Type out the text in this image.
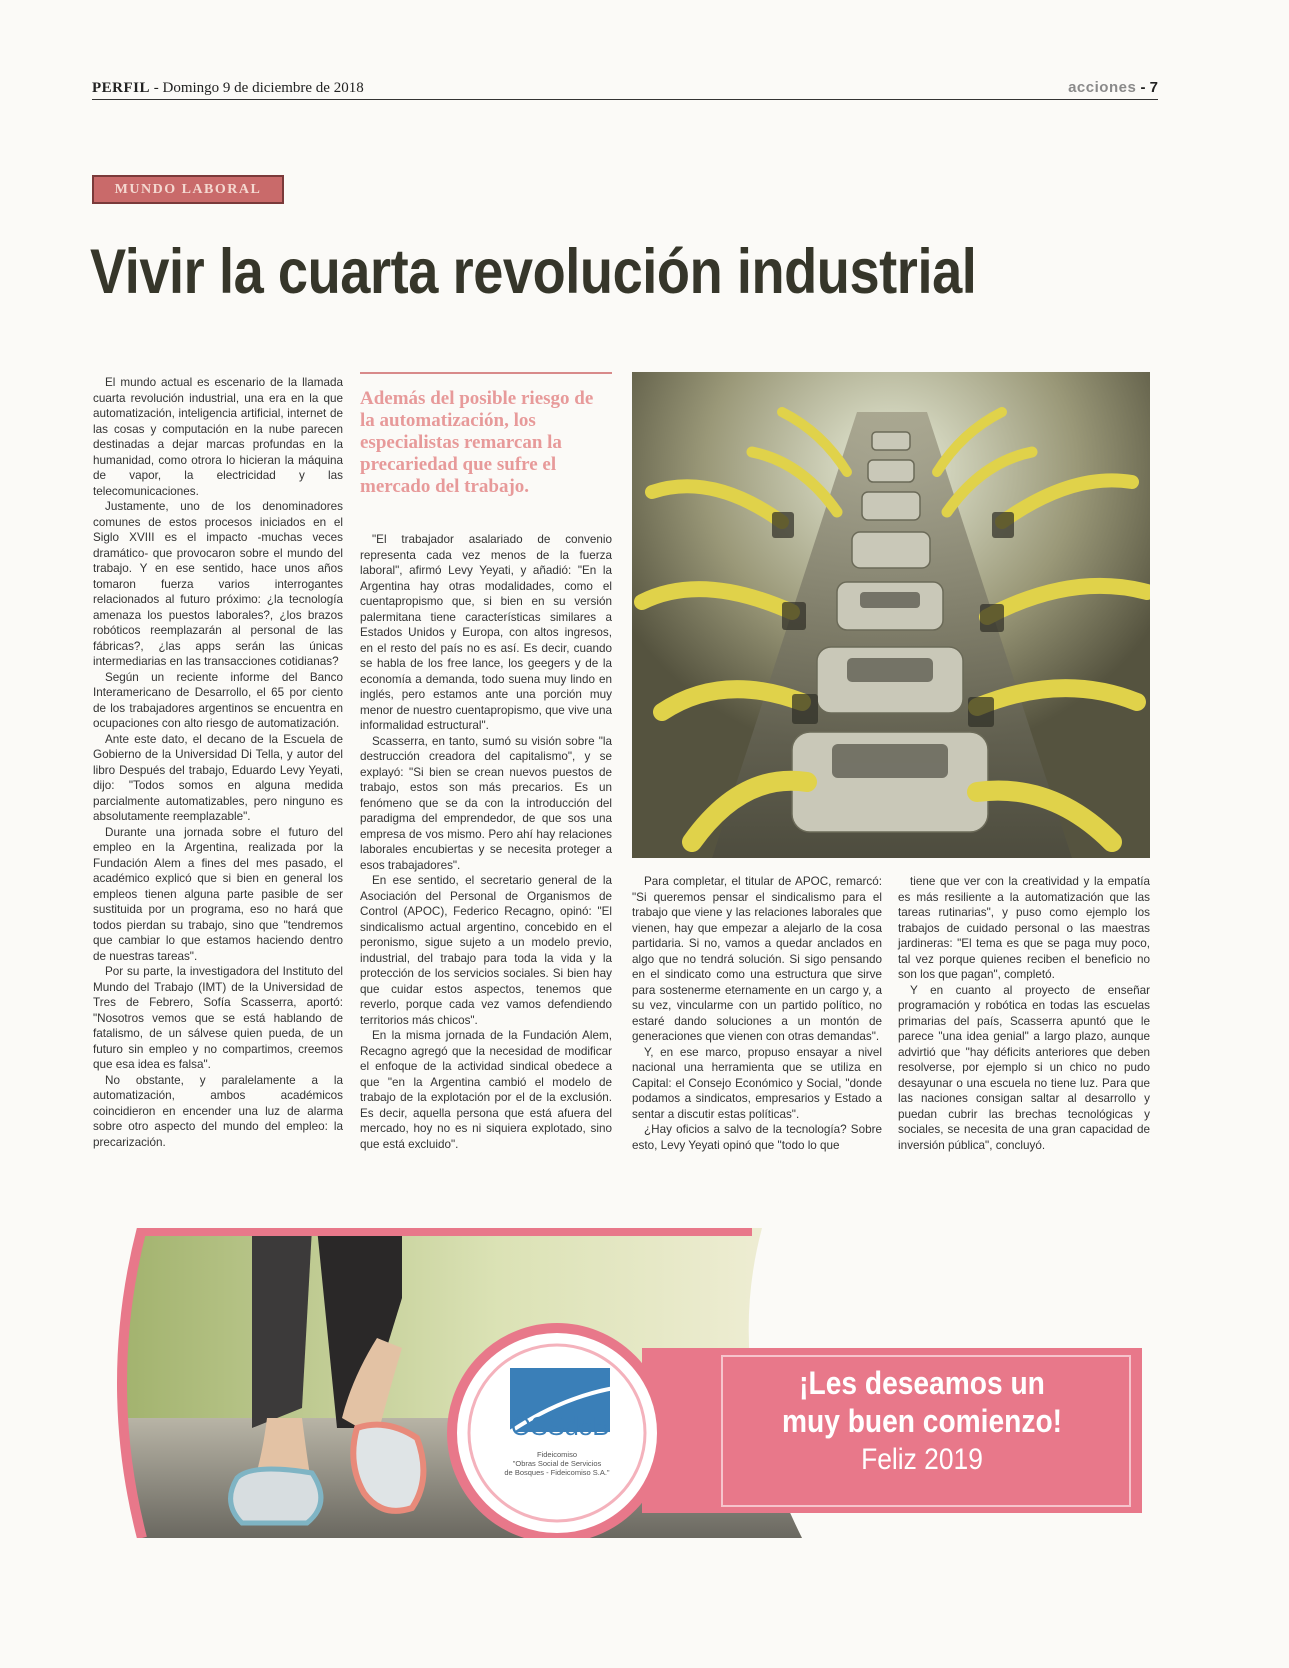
PERFIL - Domingo 9 de diciembre de 2018	acciones - 7
MUNDO LABORAL
Vivir la cuarta revolución industrial

El mundo actual es escenario de la llamada cuarta revolución industrial, una era en la que automatización, inteligencia artificial, internet de las cosas y computación en la nube parecen destinadas a dejar marcas profundas en la humanidad, como otrora lo hicieran la máquina de vapor, la electricidad y las telecomunicaciones.

Justamente, uno de los denominadores comunes de estos procesos iniciados en el Siglo XVIII es el impacto -muchas veces dramático- que provocaron sobre el mundo del trabajo. Y en ese sentido, hace unos años tomaron fuerza varios interrogantes relacionados al futuro próximo: ¿la tecnología amenaza los puestos laborales?, ¿los brazos robóticos reemplazarán al personal de las fábricas?, ¿las apps serán las únicas intermediarias en las transacciones cotidianas?

Según un reciente informe del Banco Interamericano de Desarrollo, el 65 por ciento de los trabajadores argentinos se encuentra en ocupaciones con alto riesgo de automatización.

Ante este dato, el decano de la Escuela de Gobierno de la Universidad Di Tella, y autor del libro Después del trabajo, Eduardo Levy Yeyati, dijo: "Todos somos en alguna medida parcialmente automatizables, pero ninguno es absolutamente reemplazable".

Durante una jornada sobre el futuro del empleo en la Argentina, realizada por la Fundación Alem a fines del mes pasado, el académico explicó que si bien en general los empleos tienen alguna parte pasible de ser sustituida por un programa, eso no hará que todos pierdan su trabajo, sino que "tendremos que cambiar lo que estamos haciendo dentro de nuestras tareas".

Por su parte, la investigadora del Instituto del Mundo del Trabajo (IMT) de la Universidad de Tres de Febrero, Sofía Scasserra, aportó: "Nosotros vemos que se está hablando de fatalismo, de un sálvese quien pueda, de un futuro sin empleo y no compartimos, creemos que esa idea es falsa".

No obstante, y paralelamente a la automatización, ambos académicos coincidieron en encender una luz de alarma sobre otro aspecto del mundo del empleo: la precarización.

Además del posible riesgo de la automatización, los especialistas remarcan la precariedad que sufre el mercado del trabajo.

"El trabajador asalariado de convenio representa cada vez menos de la fuerza laboral", afirmó Levy Yeyati, y añadió: "En la Argentina hay otras modalidades, como el cuentapropismo que, si bien en su versión palermitana tiene características similares a Estados Unidos y Europa, con altos ingresos, en el resto del país no es así. Es decir, cuando se habla de los free lance, los geegers y de la economía a demanda, todo suena muy lindo en inglés, pero estamos ante una porción muy menor de nuestro cuentapropismo, que vive una informalidad estructural".

Scasserra, en tanto, sumó su visión sobre "la destrucción creadora del capitalismo", y se explayó: "Si bien se crean nuevos puestos de trabajo, estos son más precarios. Es un fenómeno que se da con la introducción del paradigma del emprendedor, de que sos una empresa de vos mismo. Pero ahí hay relaciones laborales encubiertas y se necesita proteger a esos trabajadores".

En ese sentido, el secretario general de la Asociación del Personal de Organismos de Control (APOC), Federico Recagno, opinó: "El sindicalismo actual argentino, concebido en el peronismo, sigue sujeto a un modelo previo, industrial, del trabajo para toda la vida y la protección de los servicios sociales. Si bien hay que cuidar estos aspectos, tenemos que reverlo, porque cada vez vamos defendiendo territorios más chicos".

En la misma jornada de la Fundación Alem, Recagno agregó que la necesidad de modificar el enfoque de la actividad sindical obedece a que "en la Argentina cambió el modelo de trabajo de la explotación por el de la exclusión. Es decir, aquella persona que está afuera del mercado, hoy no es ni siquiera explotado, sino que está excluido".

Para completar, el titular de APOC, remarcó: "Si queremos pensar el sindicalismo para el trabajo que viene y las relaciones laborales que vienen, hay que empezar a alejarlo de la cosa partidaria. Si no, vamos a quedar anclados en algo que no tendrá solución. Si sigo pensando en el sindicato como una estructura que sirve para sostenerme eternamente en un cargo y, a su vez, vincularme con un partido político, no estaré dando soluciones a un montón de generaciones que vienen con otras demandas".

Y, en ese marco, propuso ensayar a nivel nacional una herramienta que se utiliza en Capital: el Consejo Económico y Social, "donde podamos a sindicatos, empresarios y Estado a sentar a discutir estas políticas".

¿Hay oficios a salvo de la tecnología? Sobre esto, Levy Yeyati opinó que "todo lo que

tiene que ver con la creatividad y la empatía es más resiliente a la automatización que las tareas rutinarias", y puso como ejemplo los trabajos de cuidado personal o las maestras jardineras: "El tema es que se paga muy poco, tal vez porque quienes reciben el beneficio no son los que pagan", completó.

Y en cuanto al proyecto de enseñar programación y robótica en todas las escuelas primarias del país, Scasserra apuntó que le parece "una idea genial" a largo plazo, aunque advirtió que "hay déficits anteriores que deben resolverse, por ejemplo si un chico no pudo desayunar o una escuela no tiene luz. Para que las naciones consigan saltar al desarrollo y puedan cubrir las brechas tecnológicas y sociales, se necesita de una gran capacidad de inversión pública", concluyó.

OSSdeB
Fideicomiso
"Obras Social de Servicios
de Bosques - Fideicomiso S.A."
¡Les deseamos un
muy buen comienzo!
Feliz 2019
